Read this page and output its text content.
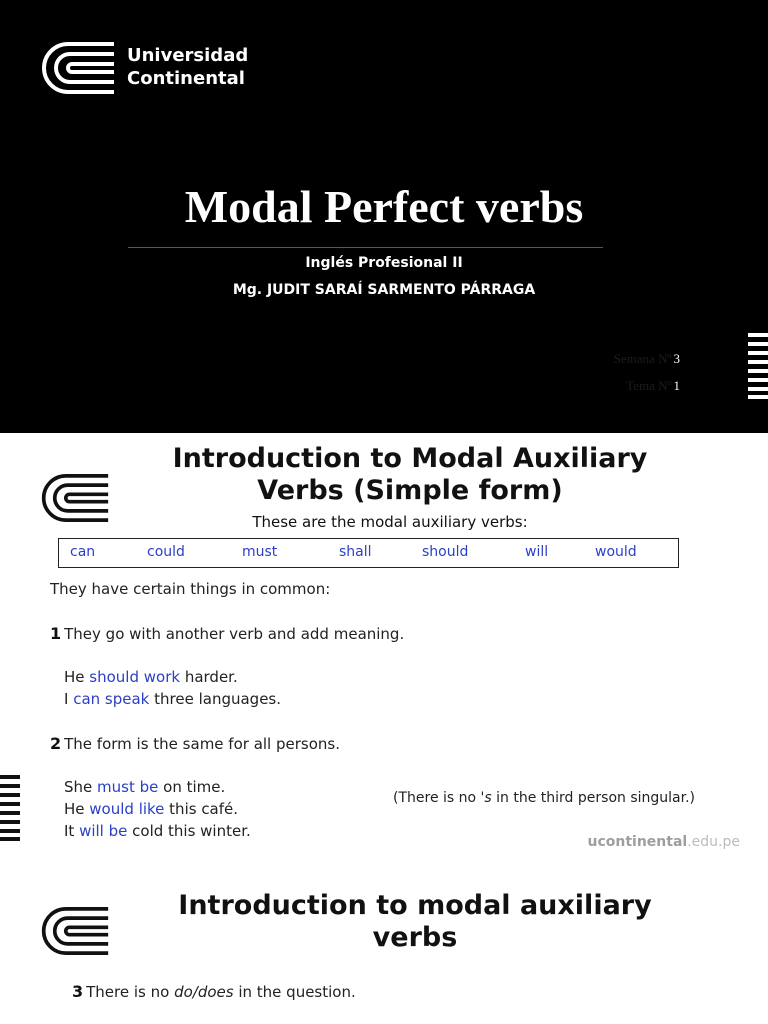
Universidad
Continental
Modal Perfect verbs
Inglés Profesional II
Mg. JUDIT SARAÍ SARMENTO PÁRRAGA
Semana Nº 3
Tema Nº 1
Introduction to Modal Auxiliary
Verbs (Simple form)
These are the modal auxiliary verbs:
can	could	must	shall	should	will	would
They have certain things in common:
1 They go with another verb and add meaning.
He should work harder.
I can speak three languages.
2 The form is the same for all persons.
She must be on time.
He would like this café.
It will be cold this winter.
(There is no 's in the third person singular.)
ucontinental.edu.pe
Introduction to modal auxiliary
verbs
3 There is no do/does in the question.
